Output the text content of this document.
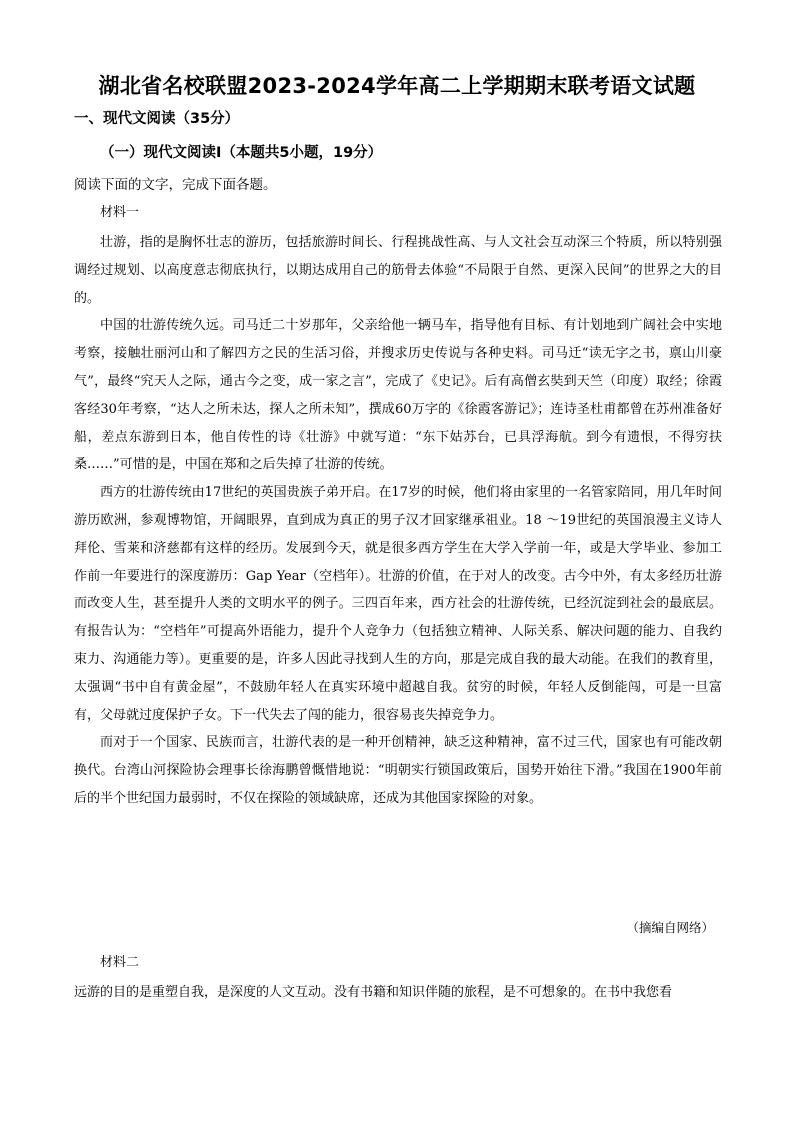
湖北省名校联盟2023-2024学年高二上学期期末联考语文试题
一、现代文阅读（35分）
（一）现代文阅读Ⅰ（本题共5小题，19分）
阅读下面的文字，完成下面各题。
材料一

壮游，指的是胸怀壮志的游历，包括旅游时间长、行程挑战性高、与人文社会互动深三个特质，所以特别强调经过规划、以高度意志彻底执行，以期达成用自己的筋骨去体验“不局限于自然、更深入民间”的世界之大的目的。

中国的壮游传统久远。司马迁二十岁那年，父亲给他一辆马车，指导他有目标、有计划地到广阔社会中实地考察，接触壮丽河山和了解四方之民的生活习俗，并搜求历史传说与各种史料。司马迁“读无字之书，禀山川豪气”，最终“究天人之际，通古今之变，成一家之言”，完成了《史记》。后有高僧玄奘到天竺（印度）取经；徐霞客经30年考察，“达人之所未达，探人之所未知”，撰成60万字的《徐霞客游记》；连诗圣杜甫都曾在苏州准备好船，差点东游到日本，他自传性的诗《壮游》中就写道：“东下姑苏台，已具浮海航。到今有遗恨，不得穷扶桑……”可惜的是，中国在郑和之后失掉了壮游的传统。

西方的壮游传统由17世纪的英国贵族子弟开启。在17岁的时候，他们将由家里的一名管家陪同，用几年时间游历欧洲，参观博物馆，开阔眼界，直到成为真正的男子汉才回家继承祖业。18 ～19世纪的英国浪漫主义诗人拜伦、雪莱和济慈都有这样的经历。发展到今天，就是很多西方学生在大学入学前一年，或是大学毕业、参加工作前一年要进行的深度游历：Gap Year（空档年）。壮游的价值，在于对人的改变。古今中外，有太多经历壮游而改变人生，甚至提升人类的文明水平的例子。三四百年来，西方社会的壮游传统，已经沉淀到社会的最底层。有报告认为：“空档年”可提高外语能力，提升个人竞争力（包括独立精神、人际关系、解决问题的能力、自我约束力、沟通能力等）。更重要的是，许多人因此寻找到人生的方向，那是完成自我的最大动能。在我们的教育里，太强调“书中自有黄金屋”，不鼓励年轻人在真实环境中超越自我。贫穷的时候，年轻人反倒能闯，可是一旦富有，父母就过度保护子女。下一代失去了闯的能力，很容易丧失掉竞争力。

而对于一个国家、民族而言，壮游代表的是一种开创精神，缺乏这种精神，富不过三代，国家也有可能改朝换代。台湾山河探险协会理事长徐海鹏曾慨惜地说：“明朝实行锁国政策后，国势开始往下滑。”我国在1900年前后的半个世纪国力最弱时，不仅在探险的领域缺席，还成为其他国家探险的对象。

（摘编自网络）
材料二

远游的目的是重塑自我，是深度的人文互动。没有书籍和知识伴随的旅程，是不可想象的。在书中我您看
